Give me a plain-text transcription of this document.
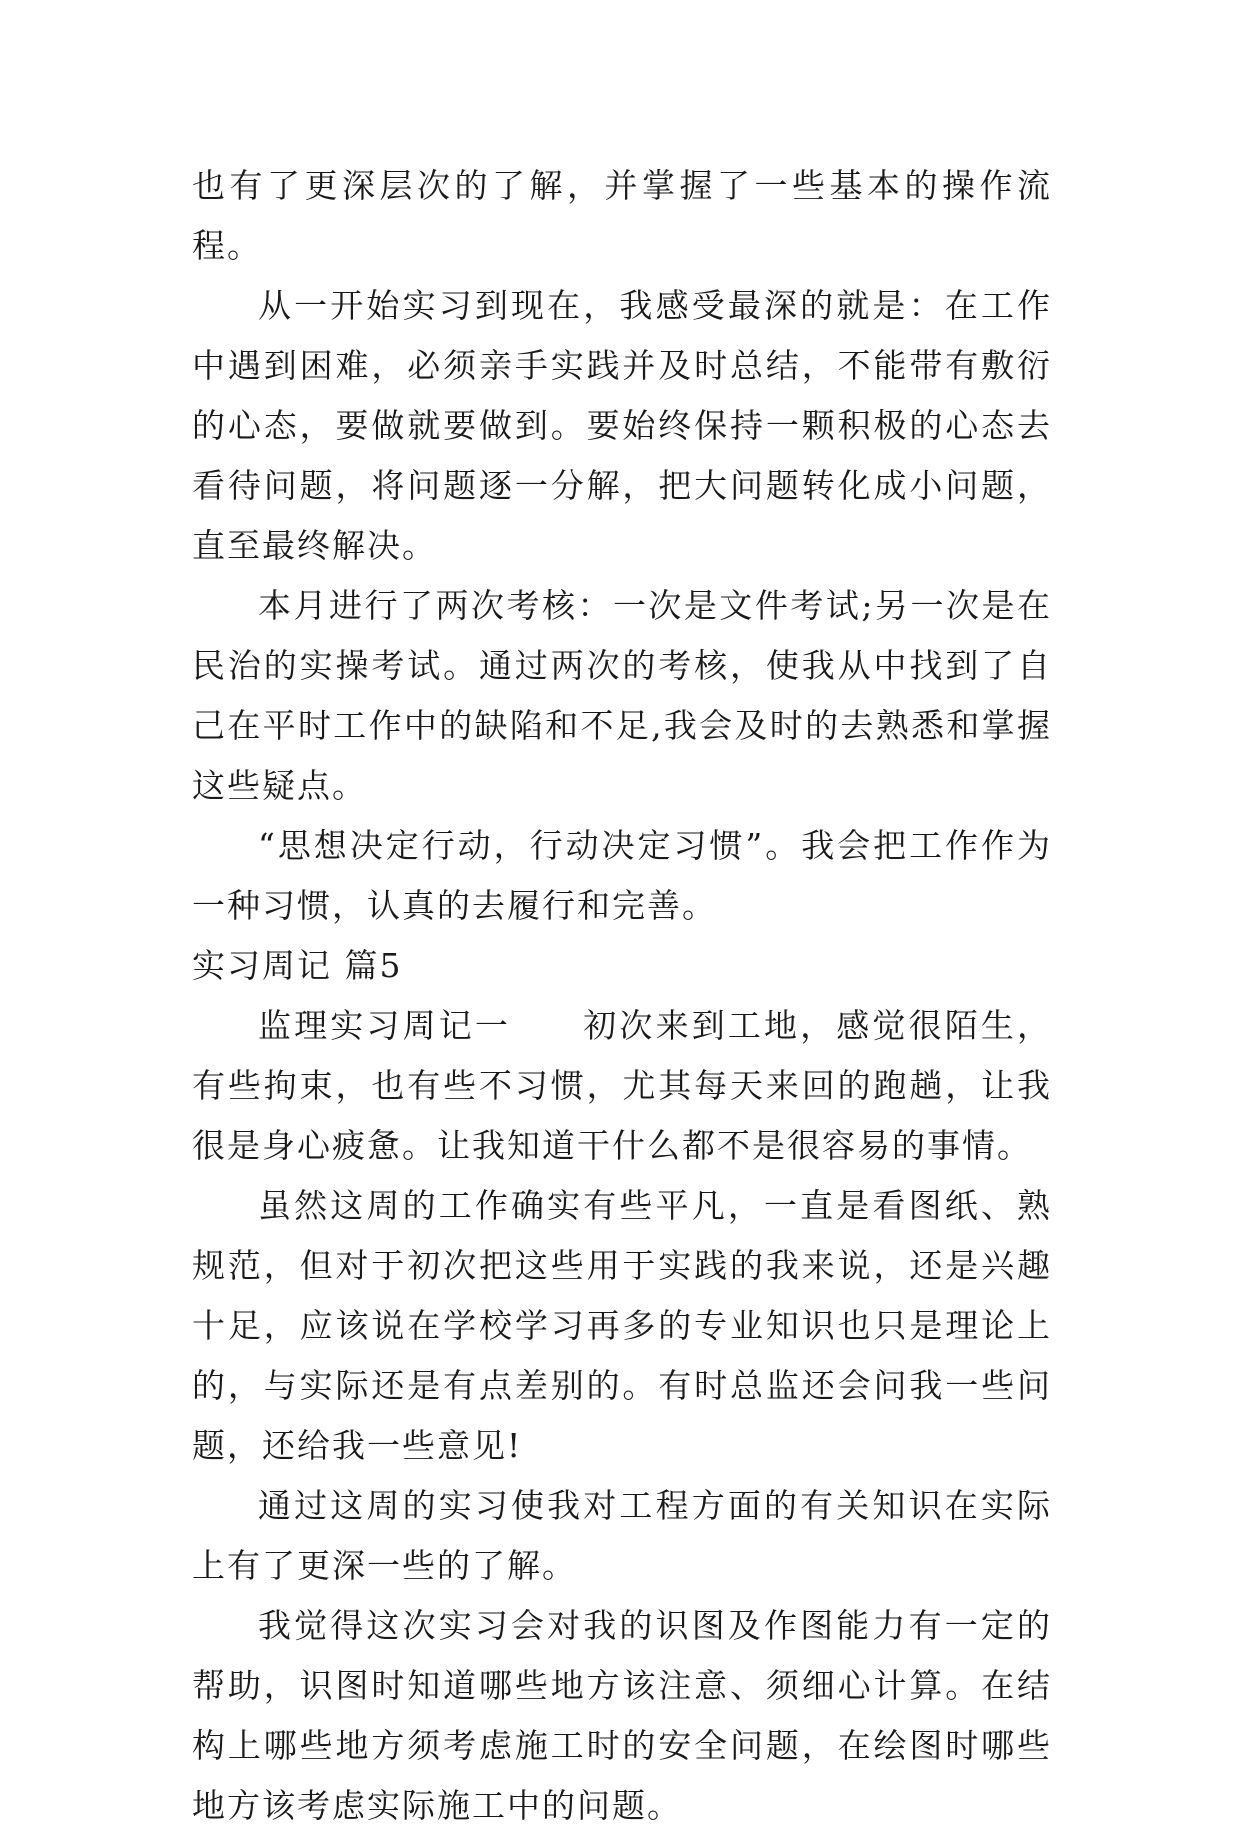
也有了更深层次的了解，并掌握了一些基本的操作流程。

从一开始实习到现在，我感受最深的就是：在工作中遇到困难，必须亲手实践并及时总结，不能带有敷衍的心态，要做就要做到。要始终保持一颗积极的心态去看待问题，将问题逐一分解，把大问题转化成小问题，直至最终解决。

本月进行了两次考核：一次是文件考试;另一次是在民治的实操考试。通过两次的考核，使我从中找到了自己在平时工作中的缺陷和不足,我会及时的去熟悉和掌握这些疑点。

“思想决定行动，行动决定习惯”。我会把工作作为一种习惯，认真的去履行和完善。

实习周记 篇5

监理实习周记一　　初次来到工地，感觉很陌生，有些拘束，也有些不习惯，尤其每天来回的跑趟，让我很是身心疲惫。让我知道干什么都不是很容易的事情。

虽然这周的工作确实有些平凡，一直是看图纸、熟规范，但对于初次把这些用于实践的我来说，还是兴趣十足，应该说在学校学习再多的专业知识也只是理论上的，与实际还是有点差别的。有时总监还会问我一些问题，还给我一些意见!

通过这周的实习使我对工程方面的有关知识在实际上有了更深一些的了解。

我觉得这次实习会对我的识图及作图能力有一定的帮助，识图时知道哪些地方该注意、须细心计算。在结构上哪些地方须考虑施工时的安全问题，在绘图时哪些地方该考虑实际施工中的问题。
